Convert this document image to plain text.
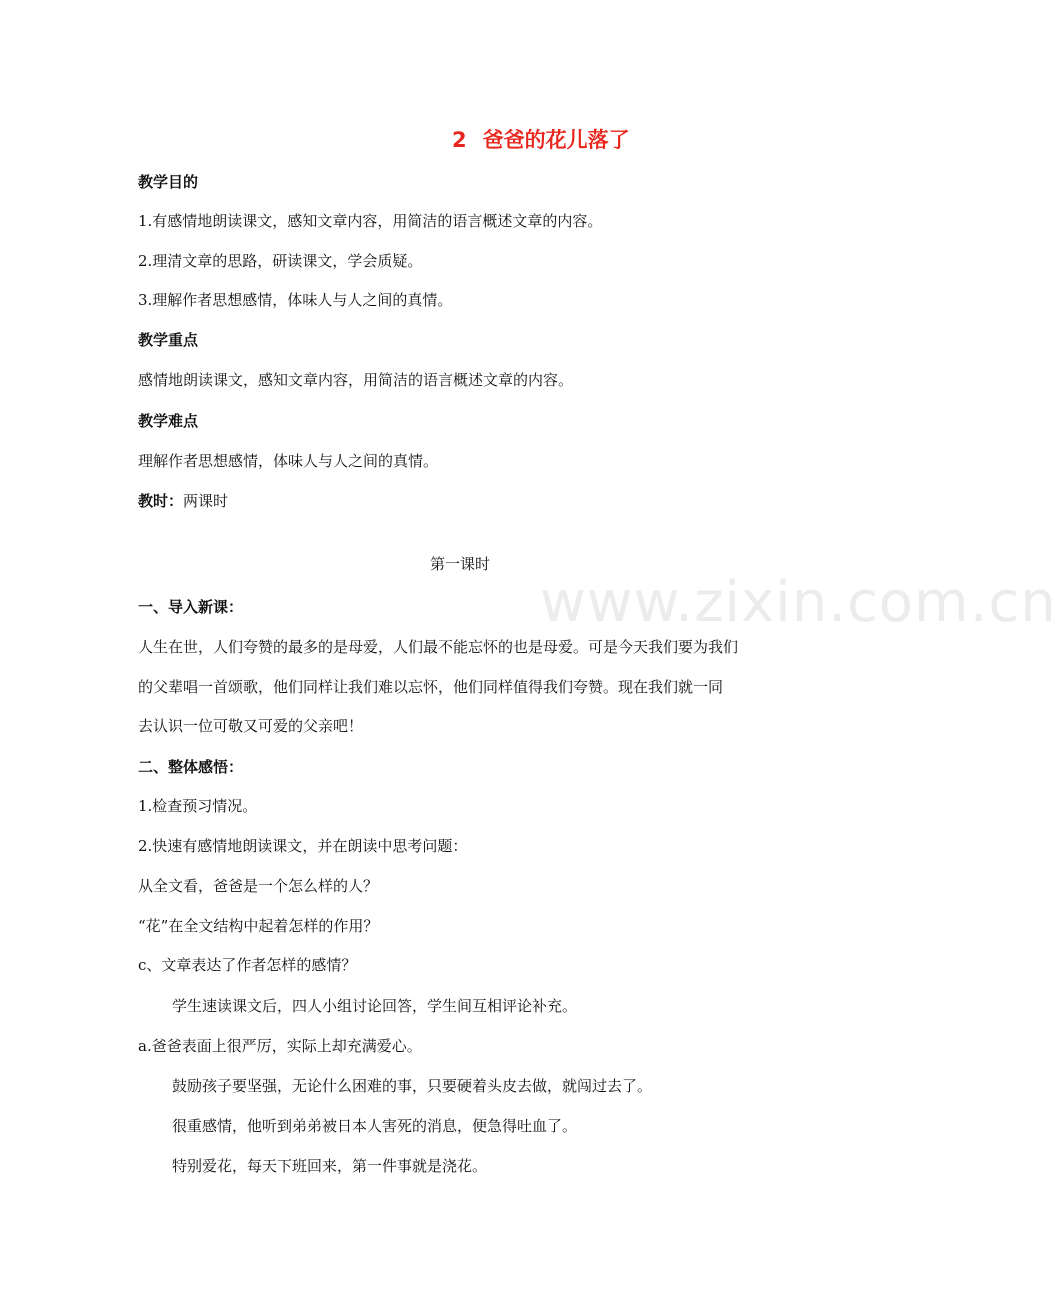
www.zixin.com.cn
2 爸爸的花儿落了
教学目的
1.有感情地朗读课文，感知文章内容，用简洁的语言概述文章的内容。
2.理清文章的思路，研读课文，学会质疑。
3.理解作者思想感情，体味人与人之间的真情。
教学重点
感情地朗读课文，感知文章内容，用简洁的语言概述文章的内容。
教学难点
理解作者思想感情，体味人与人之间的真情。
教时：两课时
第一课时
一、导入新课：
人生在世，人们夸赞的最多的是母爱，人们最不能忘怀的也是母爱。可是今天我们要为我们
的父辈唱一首颂歌，他们同样让我们难以忘怀，他们同样值得我们夸赞。现在我们就一同
去认识一位可敬又可爱的父亲吧！
二、整体感悟：
1.检查预习情况。
2.快速有感情地朗读课文，并在朗读中思考问题：
从全文看，爸爸是一个怎么样的人？
“花”在全文结构中起着怎样的作用？
c、文章表达了作者怎样的感情？
学生速读课文后，四人小组讨论回答，学生间互相评论补充。
a.爸爸表面上很严厉，实际上却充满爱心。
鼓励孩子要坚强，无论什么困难的事，只要硬着头皮去做，就闯过去了。
很重感情，他听到弟弟被日本人害死的消息，便急得吐血了。
特别爱花，每天下班回来，第一件事就是浇花。
